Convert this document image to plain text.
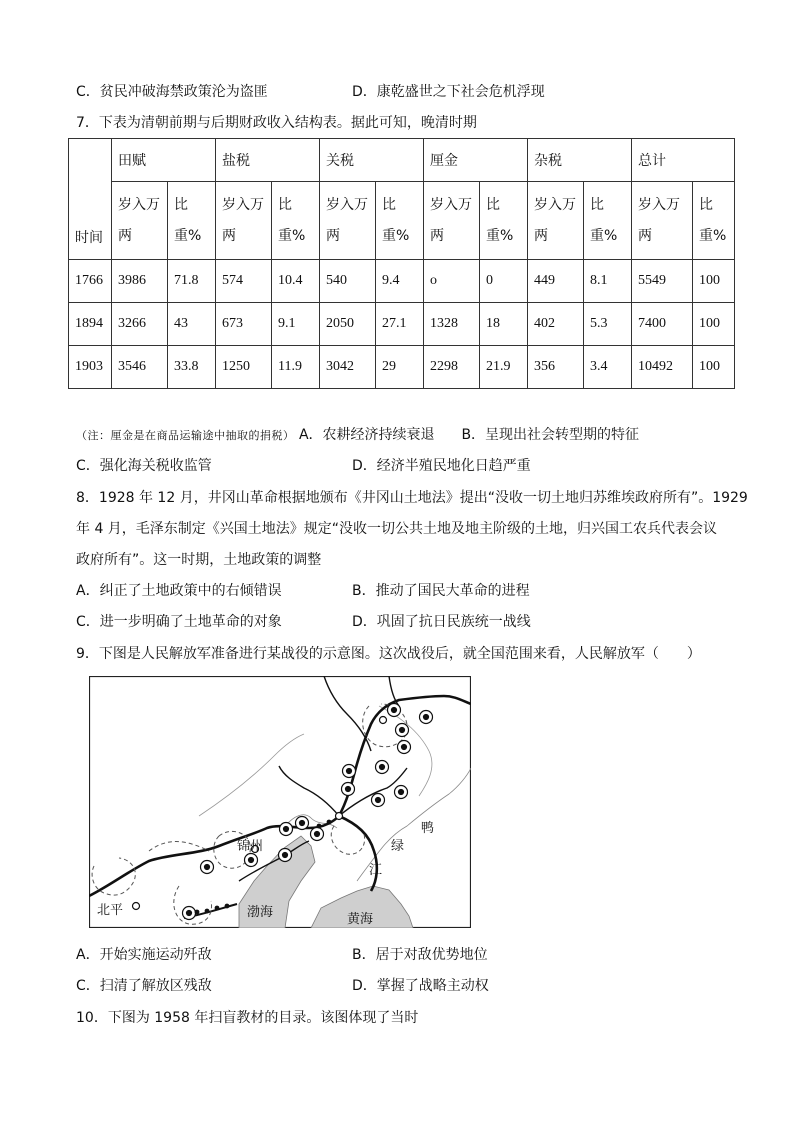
C．贫民冲破海禁政策沦为盗匪	D．康乾盛世之下社会危机浮现
7．下表为清朝前期与后期财政收入结构表。据此可知，晚清时期
时间	田赋		盐税		关税		厘金		杂税		总计	
	岁入万两	比重%	岁入万两	比重%	岁入万两	比重%	岁入万两	比重%	岁入万两	比重%	岁入万两	比重%
1766	3986	71.8	574	10.4	540	9.4	o	0	449	8.1	5549	100
1894	3266	43	673	9.1	2050	27.1	1328	18	402	5.3	7400	100
1903	3546	33.8	1250	11.9	3042	29	2298	21.9	356	3.4	10492	100
（注：厘金是在商品运输途中抽取的捐税） A．农耕经济持续衰退 B．呈现出社会转型期的特征
C．强化海关税收监管	D．经济半殖民地化日趋严重
8．1928 年 12 月，井冈山革命根据地颁布《井冈山土地法》提出“没收一切土地归苏维埃政府所有”。1929
年 4 月，毛泽东制定《兴国土地法》规定“没收一切公共土地及地主阶级的土地，归兴国工农兵代表会议
政府所有”。这一时期，土地政策的调整
A．纠正了土地政策中的右倾错误	B．推动了国民大革命的进程
C．进一步明确了土地革命的对象	D．巩固了抗日民族统一战线
9．下图是人民解放军准备进行某战役的示意图。这次战役后，就全国范围来看，人民解放军（　　）
锦州
北平	渤海	黄海
鸭
绿
江
A．开始实施运动歼敌	B．居于对敌优势地位
C．扫清了解放区残敌	D．掌握了战略主动权
10．下图为 1958 年扫盲教材的目录。该图体现了当时
